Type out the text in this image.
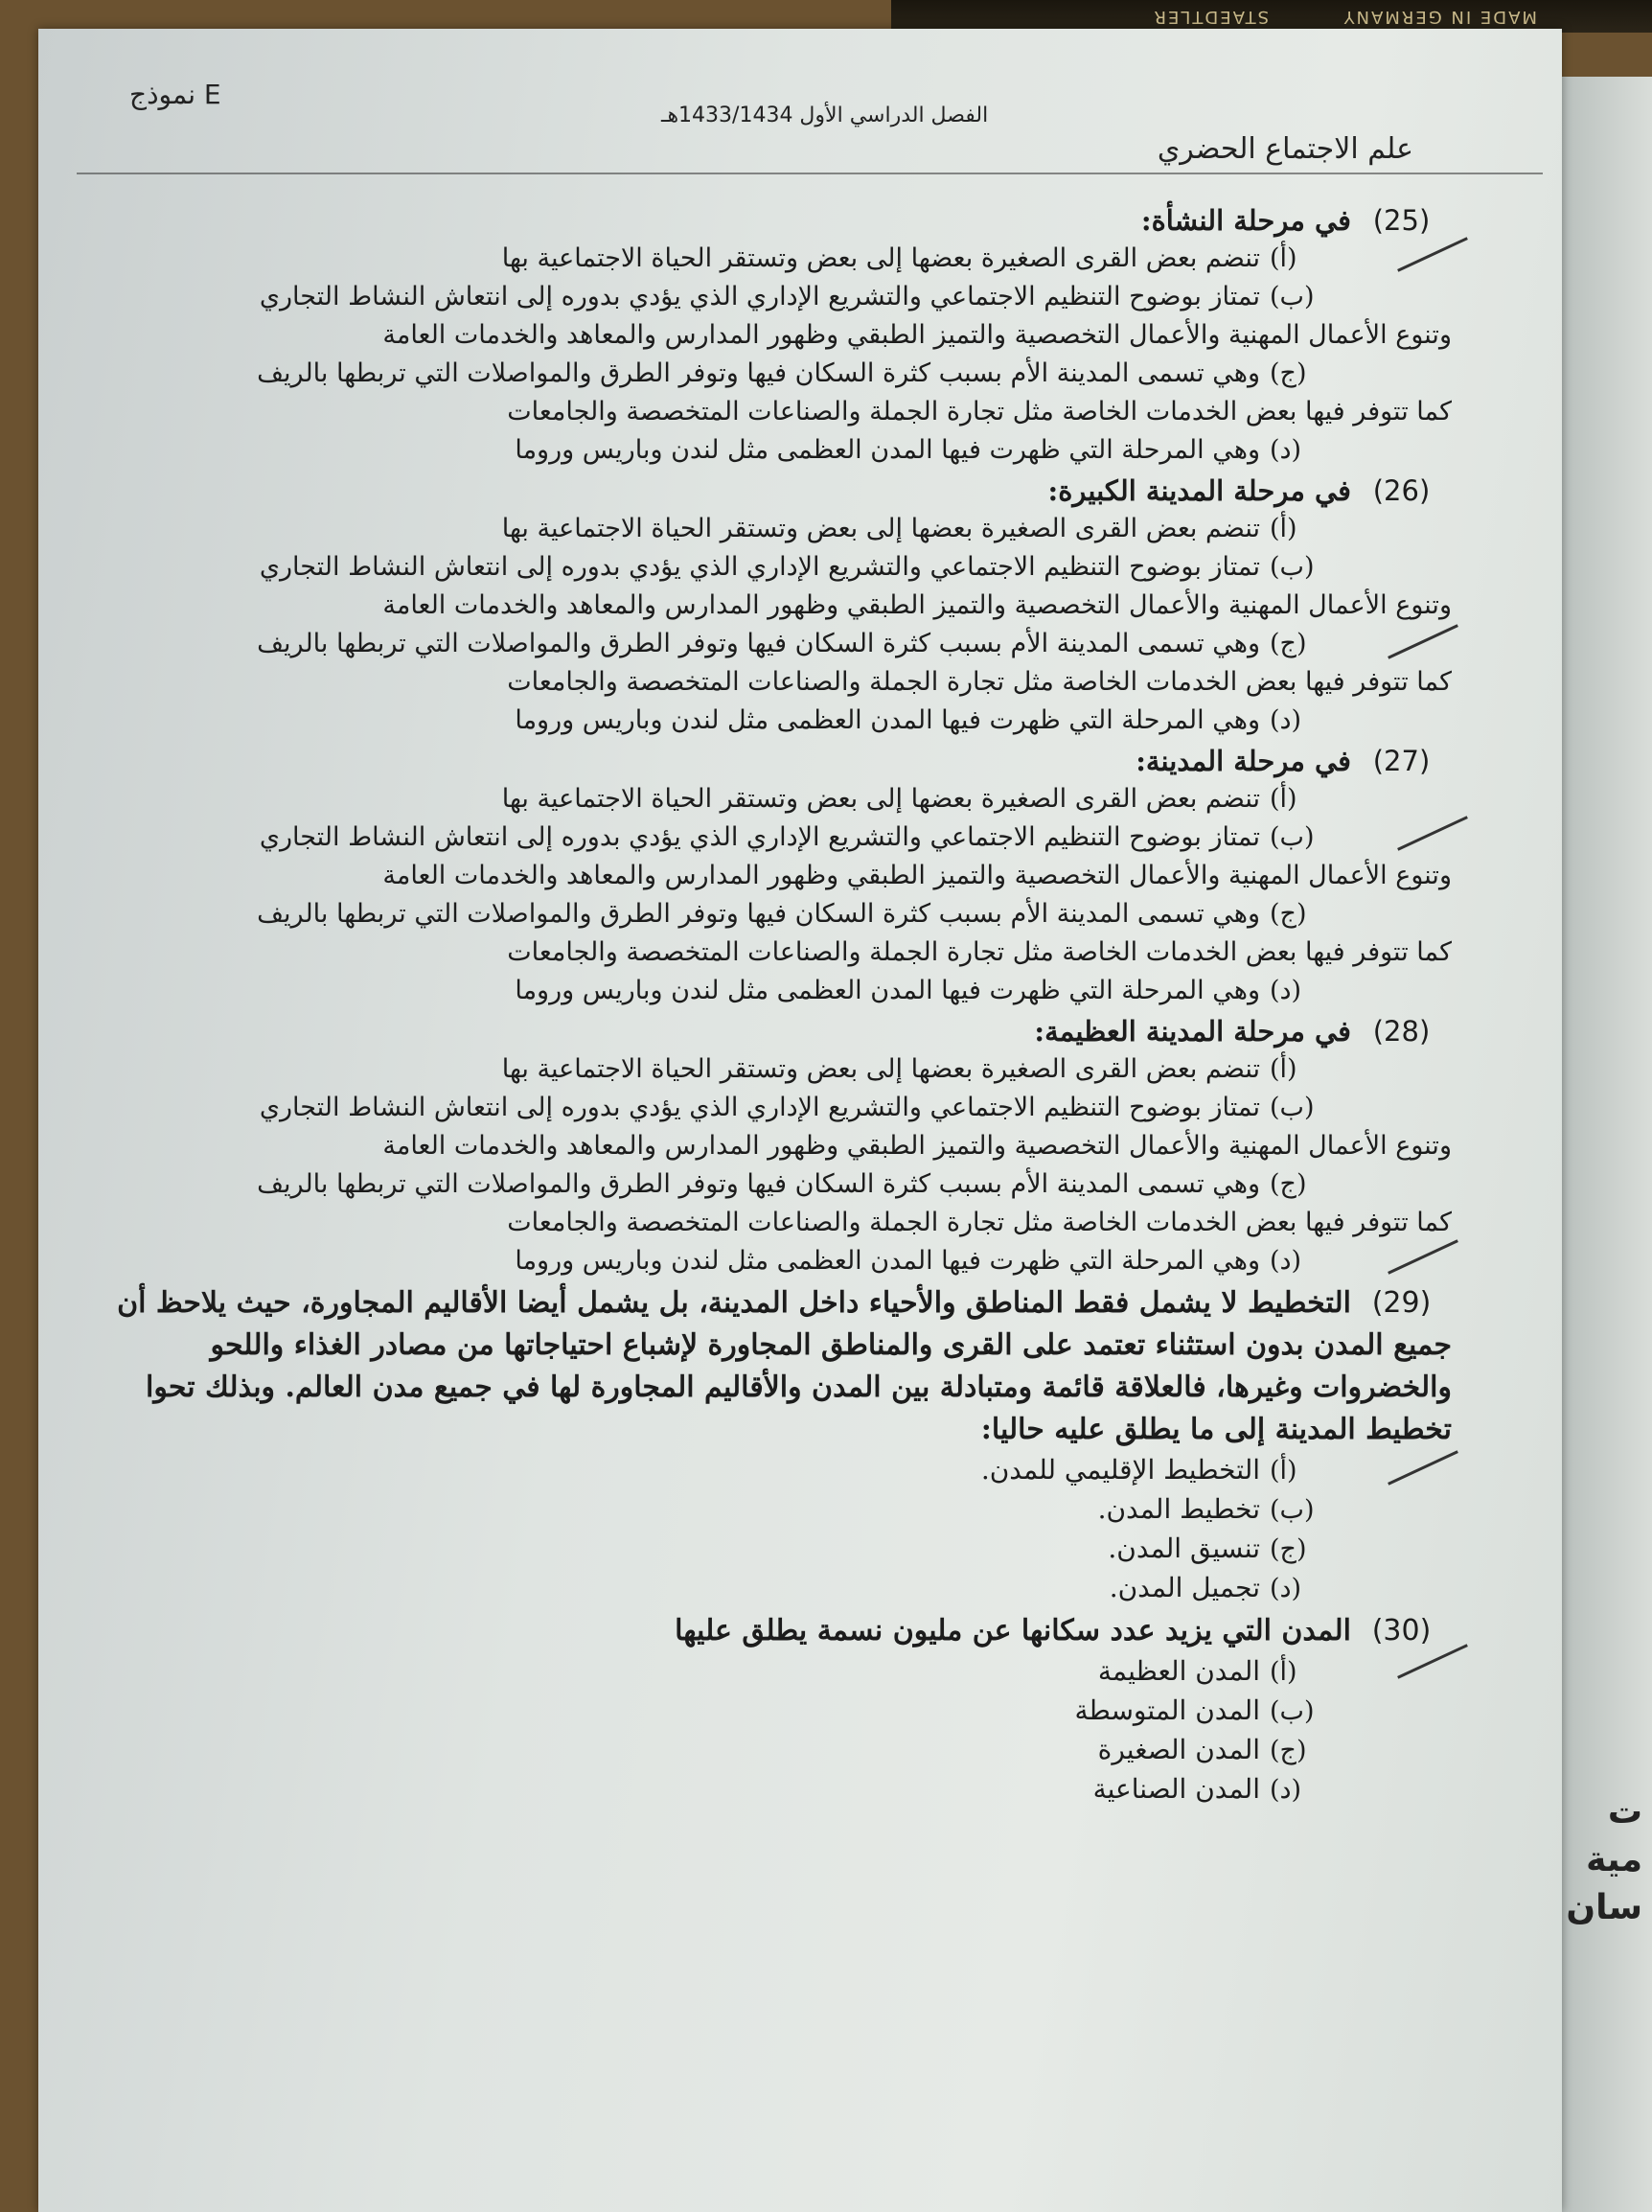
MADE IN GERMANY
STAEDTLER
ت
مية
سان
نموذج E
الفصل الدراسي الأول 1433/1434هـ
علم الاجتماع الحضري
(25)في مرحلة النشأة:
(أ)تنضم بعض القرى الصغيرة بعضها إلى بعض وتستقر الحياة الاجتماعية بها
(ب)تمتاز بوضوح التنظيم الاجتماعي والتشريع الإداري الذي يؤدي بدوره إلى انتعاش النشاط التجاري
وتنوع الأعمال المهنية والأعمال التخصصية والتميز الطبقي وظهور المدارس والمعاهد والخدمات العامة
(ج)وهي تسمى المدينة الأم بسبب كثرة السكان فيها وتوفر الطرق والمواصلات التي تربطها بالريف
كما تتوفر فيها بعض الخدمات الخاصة مثل تجارة الجملة والصناعات المتخصصة والجامعات
(د)وهي المرحلة التي ظهرت فيها المدن العظمى مثل لندن وباريس وروما
(26)في مرحلة المدينة الكبيرة:
(أ)تنضم بعض القرى الصغيرة بعضها إلى بعض وتستقر الحياة الاجتماعية بها
(ب)تمتاز بوضوح التنظيم الاجتماعي والتشريع الإداري الذي يؤدي بدوره إلى انتعاش النشاط التجاري
وتنوع الأعمال المهنية والأعمال التخصصية والتميز الطبقي وظهور المدارس والمعاهد والخدمات العامة
(ج)وهي تسمى المدينة الأم بسبب كثرة السكان فيها وتوفر الطرق والمواصلات التي تربطها بالريف
كما تتوفر فيها بعض الخدمات الخاصة مثل تجارة الجملة والصناعات المتخصصة والجامعات
(د)وهي المرحلة التي ظهرت فيها المدن العظمى مثل لندن وباريس وروما
(27)في مرحلة المدينة:
(أ)تنضم بعض القرى الصغيرة بعضها إلى بعض وتستقر الحياة الاجتماعية بها
(ب)تمتاز بوضوح التنظيم الاجتماعي والتشريع الإداري الذي يؤدي بدوره إلى انتعاش النشاط التجاري
وتنوع الأعمال المهنية والأعمال التخصصية والتميز الطبقي وظهور المدارس والمعاهد والخدمات العامة
(ج)وهي تسمى المدينة الأم بسبب كثرة السكان فيها وتوفر الطرق والمواصلات التي تربطها بالريف
كما تتوفر فيها بعض الخدمات الخاصة مثل تجارة الجملة والصناعات المتخصصة والجامعات
(د)وهي المرحلة التي ظهرت فيها المدن العظمى مثل لندن وباريس وروما
(28)في مرحلة المدينة العظيمة:
(أ)تنضم بعض القرى الصغيرة بعضها إلى بعض وتستقر الحياة الاجتماعية بها
(ب)تمتاز بوضوح التنظيم الاجتماعي والتشريع الإداري الذي يؤدي بدوره إلى انتعاش النشاط التجاري
وتنوع الأعمال المهنية والأعمال التخصصية والتميز الطبقي وظهور المدارس والمعاهد والخدمات العامة
(ج)وهي تسمى المدينة الأم بسبب كثرة السكان فيها وتوفر الطرق والمواصلات التي تربطها بالريف
كما تتوفر فيها بعض الخدمات الخاصة مثل تجارة الجملة والصناعات المتخصصة والجامعات
(د)وهي المرحلة التي ظهرت فيها المدن العظمى مثل لندن وباريس وروما
(29)التخطيط لا يشمل فقط المناطق والأحياء داخل المدينة، بل يشمل أيضا الأقاليم المجاورة، حيث يلاحظ أن
جميع المدن بدون استثناء تعتمد على القرى والمناطق المجاورة لإشباع احتياجاتها من مصادر الغذاء واللحو
والخضروات وغيرها، فالعلاقة قائمة ومتبادلة بين المدن والأقاليم المجاورة لها في جميع مدن العالم. وبذلك تحوا
تخطيط المدينة إلى ما يطلق عليه حاليا:
(أ)التخطيط الإقليمي للمدن.
(ب)تخطيط المدن.
(ج)تنسيق المدن.
(د)تجميل المدن.
(30)المدن التي يزيد عدد سكانها عن مليون نسمة يطلق عليها
(أ)المدن العظيمة
(ب)المدن المتوسطة
(ج)المدن الصغيرة
(د)المدن الصناعية
